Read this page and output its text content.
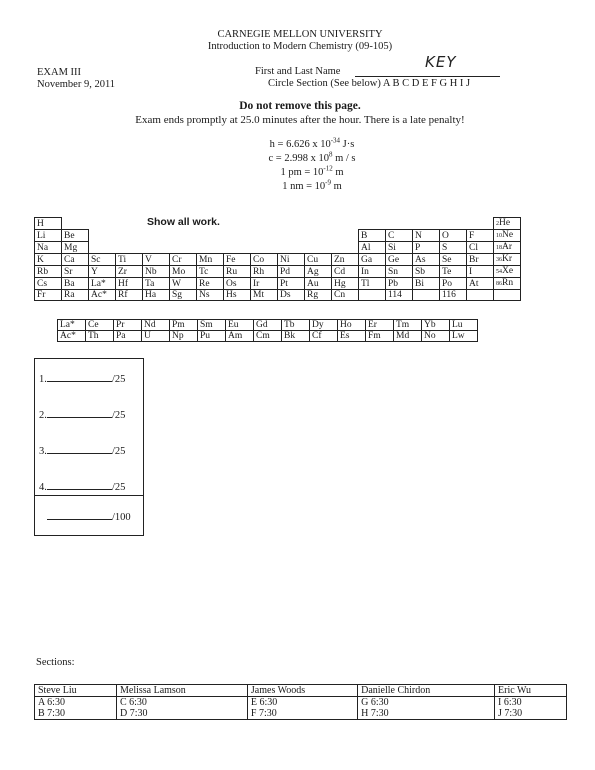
CARNEGIE MELLON UNIVERSITY
Introduction to Modern Chemistry (09-105)
EXAM III
November 9, 2011
First and Last Name
KEY
Circle Section (See below) A B C D E F G H I J
Do not remove this page.
Exam ends promptly at 25.0 minutes after the hour. There is a late penalty!
h = 6.626 x $10^{-34}$ J·s
c = 2.998 x $10^8$ m / s
1 pm = $10^{-12}$ m
1 nm = $10^{-9}$ m
Show all work.
H																	2He
Li	Be											B	C	N	O	F	10Ne
Na	Mg											Al	Si	P	S	Cl	18Ar
K	Ca	Sc	Ti	V	Cr	Mn	Fe	Co	Ni	Cu	Zn	Ga	Ge	As	Se	Br	36Kr
Rb	Sr	Y	Zr	Nb	Mo	Tc	Ru	Rh	Pd	Ag	Cd	In	Sn	Sb	Te	I	54Xe
Cs	Ba	La*	Hf	Ta	W	Re	Os	Ir	Pt	Au	Hg	Tl	Pb	Bi	Po	At	86Rn
Fr	Ra	Ac*	Rf	Ha	Sg	Ns	Hs	Mt	Ds	Rg	Cn		114		116		
La*	Ce	Pr	Nd	Pm	Sm	Eu	Gd	Tb	Dy	Ho	Er	Tm	Yb	Lu
Ac*	Th	Pa	U	Np	Pu	Am	Cm	Bk	Cf	Es	Fm	Md	No	Lw
1.	/25
2.	/25
3.	/25
4.	/25
/100
Sections:
Steve Liu	Melissa Lamson	James Woods	Danielle Chirdon	Eric Wu
A 6:30	C 6:30	E 6:30	G 6:30	I 6:30
B 7:30	D 7:30	F 7:30	H 7:30	J 7:30
